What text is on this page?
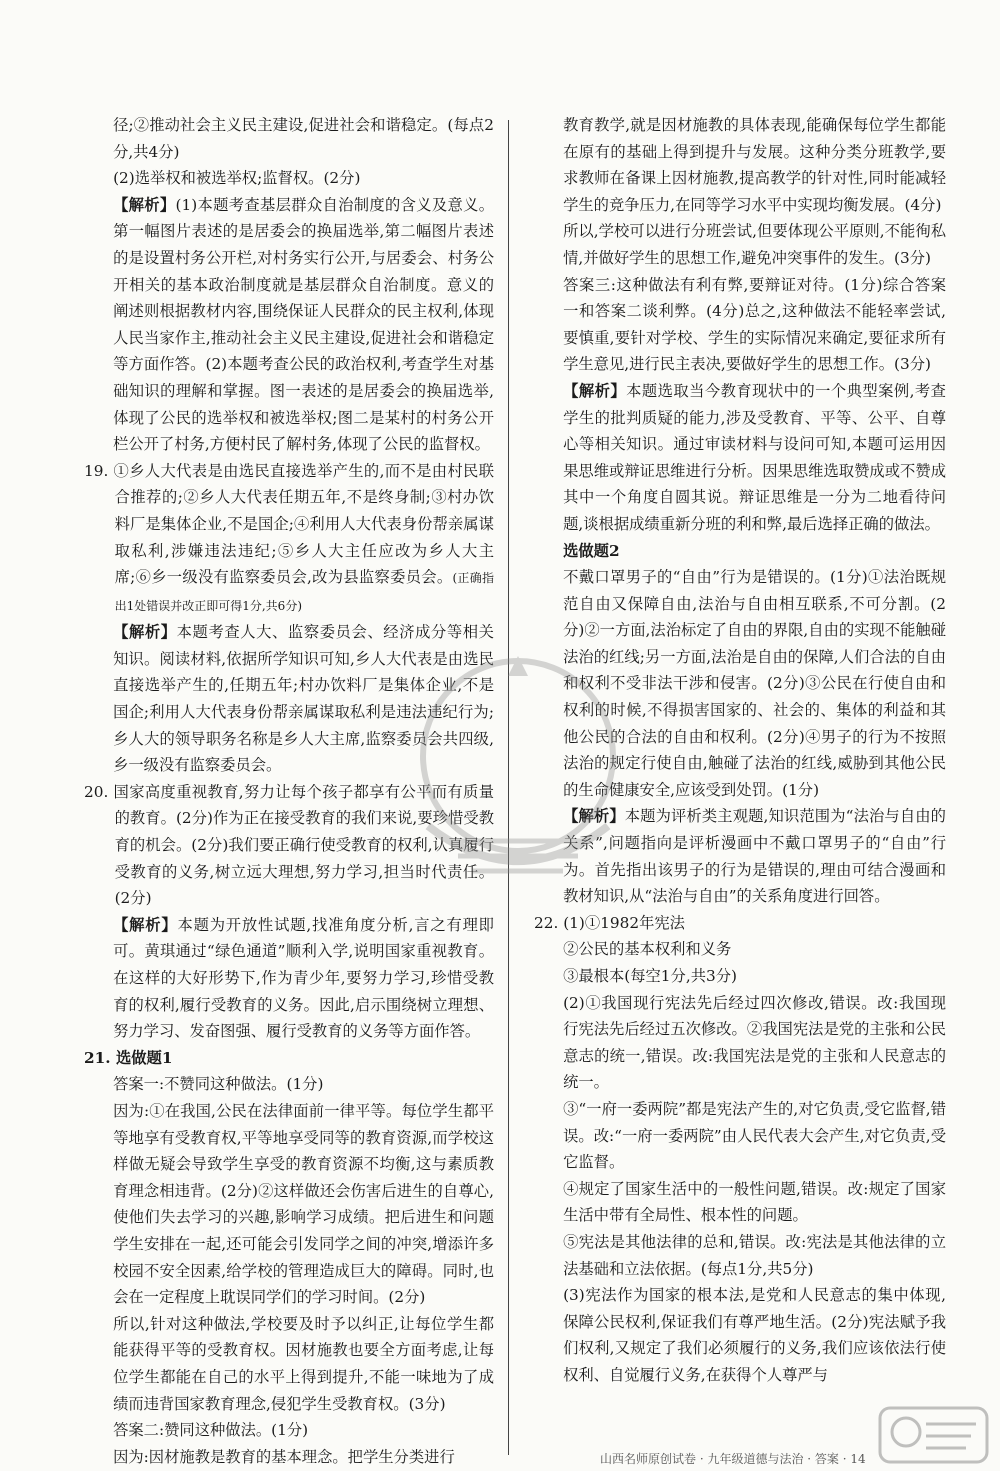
径;②推动社会主义民主建设,促进社会和谐稳定。(每点2分,共4分)

(2)选举权和被选举权;监督权。(2分)

【解析】(1)本题考查基层群众自治制度的含义及意义。第一幅图片表述的是居委会的换届选举,第二幅图片表述的是设置村务公开栏,对村务实行公开,与居委会、村务公开相关的基本政治制度就是基层群众自治制度。意义的阐述则根据教材内容,围绕保证人民群众的民主权利,体现人民当家作主,推动社会主义民主建设,促进社会和谐稳定等方面作答。(2)本题考查公民的政治权利,考查学生对基础知识的理解和掌握。图一表述的是居委会的换届选举,体现了公民的选举权和被选举权;图二是某村的村务公开栏公开了村务,方便村民了解村务,体现了公民的监督权。

19. ①乡人大代表是由选民直接选举产生的,而不是由村民联合推荐的;②乡人大代表任期五年,不是终身制;③村办饮料厂是集体企业,不是国企;④利用人大代表身份帮亲属谋取私利,涉嫌违法违纪;⑤乡人大主任应改为乡人大主席;⑥乡一级没有监察委员会,改为县监察委员会。(正确指出1处错误并改正即可得1分,共6分)

【解析】本题考查人大、监察委员会、经济成分等相关知识。阅读材料,依据所学知识可知,乡人大代表是由选民直接选举产生的,任期五年;村办饮料厂是集体企业,不是国企;利用人大代表身份帮亲属谋取私利是违法违纪行为;乡人大的领导职务名称是乡人大主席,监察委员会共四级,乡一级没有监察委员会。

20. 国家高度重视教育,努力让每个孩子都享有公平而有质量的教育。(2分)作为正在接受教育的我们来说,要珍惜受教育的机会。(2分)我们要正确行使受教育的权利,认真履行受教育的义务,树立远大理想,努力学习,担当时代责任。(2分)

【解析】本题为开放性试题,找准角度分析,言之有理即可。黄琪通过“绿色通道”顺利入学,说明国家重视教育。在这样的大好形势下,作为青少年,要努力学习,珍惜受教育的权利,履行受教育的义务。因此,启示围绕树立理想、努力学习、发奋图强、履行受教育的义务等方面作答。

21. 选做题1

答案一:不赞同这种做法。(1分)

因为:①在我国,公民在法律面前一律平等。每位学生都平等地享有受教育权,平等地享受同等的教育资源,而学校这样做无疑会导致学生享受的教育资源不均衡,这与素质教育理念相违背。(2分)②这样做还会伤害后进生的自尊心,使他们失去学习的兴趣,影响学习成绩。把后进生和问题学生安排在一起,还可能会引发同学之间的冲突,增添许多校园不安全因素,给学校的管理造成巨大的障碍。同时,也会在一定程度上耽误同学们的学习时间。(2分)

所以,针对这种做法,学校要及时予以纠正,让每位学生都能获得平等的受教育权。因材施教也要全方面考虑,让每位学生都能在自己的水平上得到提升,不能一味地为了成绩而违背国家教育理念,侵犯学生受教育权。(3分)

答案二:赞同这种做法。(1分)

因为:因材施教是教育的基本理念。把学生分类进行

教育教学,就是因材施教的具体表现,能确保每位学生都能在原有的基础上得到提升与发展。这种分类分班教学,要求教师在备课上因材施教,提高教学的针对性,同时能减轻学生的竞争压力,在同等学习水平中实现均衡发展。(4分)

所以,学校可以进行分班尝试,但要体现公平原则,不能徇私情,并做好学生的思想工作,避免冲突事件的发生。(3分)

答案三:这种做法有利有弊,要辩证对待。(1分)综合答案一和答案二谈利弊。(4分)总之,这种做法不能轻率尝试,要慎重,要针对学校、学生的实际情况来确定,要征求所有学生意见,进行民主表决,要做好学生的思想工作。(3分)

【解析】本题选取当今教育现状中的一个典型案例,考查学生的批判质疑的能力,涉及受教育、平等、公平、自尊心等相关知识。通过审读材料与设问可知,本题可运用因果思维或辩证思维进行分析。因果思维选取赞成或不赞成其中一个角度自圆其说。辩证思维是一分为二地看待问题,谈根据成绩重新分班的利和弊,最后选择正确的做法。

选做题2

不戴口罩男子的“自由”行为是错误的。(1分)①法治既规范自由又保障自由,法治与自由相互联系,不可分割。(2分)②一方面,法治标定了自由的界限,自由的实现不能触碰法治的红线;另一方面,法治是自由的保障,人们合法的自由和权利不受非法干涉和侵害。(2分)③公民在行使自由和权利的时候,不得损害国家的、社会的、集体的利益和其他公民的合法的自由和权利。(2分)④男子的行为不按照法治的规定行使自由,触碰了法治的红线,威胁到其他公民的生命健康安全,应该受到处罚。(1分)

【解析】本题为评析类主观题,知识范围为“法治与自由的关系”,问题指向是评析漫画中不戴口罩男子的“自由”行为。首先指出该男子的行为是错误的,理由可结合漫画和教材知识,从“法治与自由”的关系角度进行回答。

22. (1)①1982年宪法

②公民的基本权利和义务

③最根本(每空1分,共3分)

(2)①我国现行宪法先后经过四次修改,错误。改:我国现行宪法先后经过五次修改。②我国宪法是党的主张和公民意志的统一,错误。改:我国宪法是党的主张和人民意志的统一。

③“一府一委两院”都是宪法产生的,对它负责,受它监督,错误。改:“一府一委两院”由人民代表大会产生,对它负责,受它监督。

④规定了国家生活中的一般性问题,错误。改:规定了国家生活中带有全局性、根本性的问题。

⑤宪法是其他法律的总和,错误。改:宪法是其他法律的立法基础和立法依据。(每点1分,共5分)

(3)宪法作为国家的根本法,是党和人民意志的集中体现,保障公民权利,保证我们有尊严地生活。(2分)宪法赋予我们权利,又规定了我们必须履行的义务,我们应该依法行使权利、自觉履行义务,在获得个人尊严与

山西名师原创试卷 · 九年级道德与法治 · 答案 · 14
